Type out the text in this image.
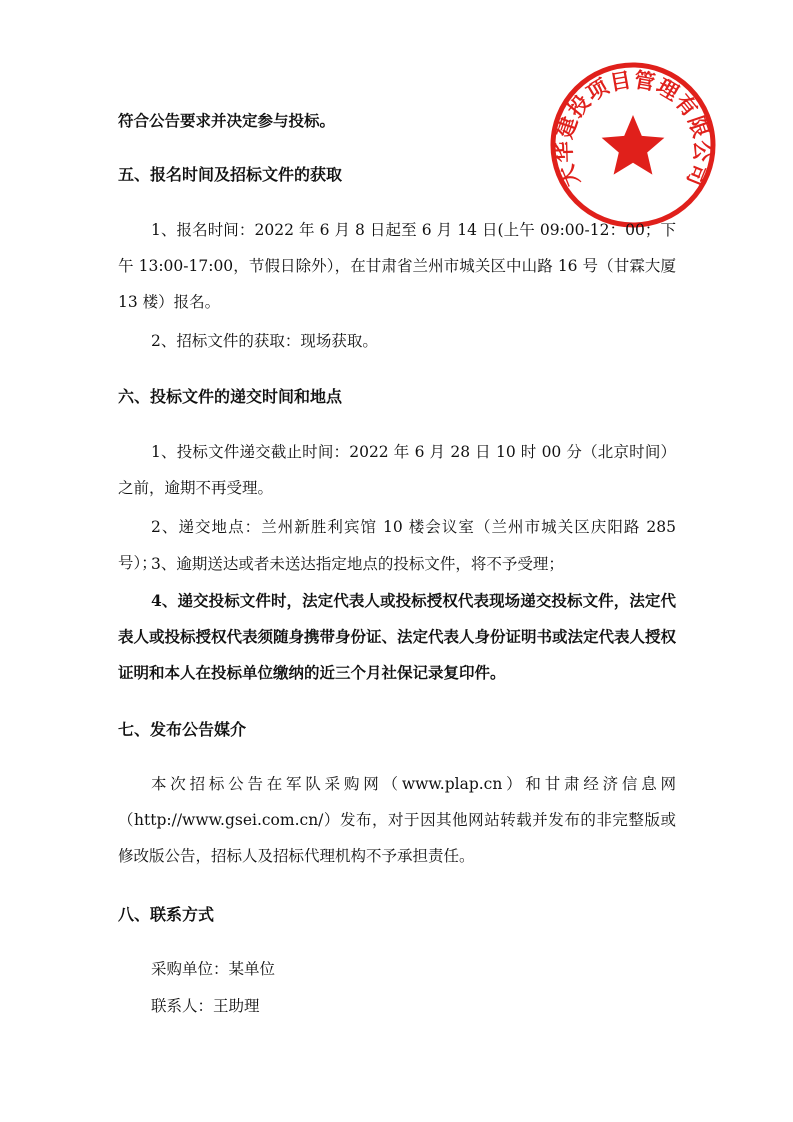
大华建投项目管理有限公司

符合公告要求并决定参与投标。

五、报名时间及招标文件的获取

1、报名时间：2022 年 6 月 8 日起至 6 月 14 日(上午 09:00-12：00；下午 13:00-17:00，节假日除外），在甘肃省兰州市城关区中山路 16 号（甘霖大厦 13 楼）报名。

2、招标文件的获取：现场获取。

六、投标文件的递交时间和地点

1、投标文件递交截止时间：2022 年 6 月 28 日 10 时 00 分（北京时间）之前，逾期不再受理。

2、递交地点：兰州新胜利宾馆 10 楼会议室（兰州市城关区庆阳路 285 号）；

3、逾期送达或者未送达指定地点的投标文件，将不予受理；

4、递交投标文件时，法定代表人或投标授权代表现场递交投标文件，法定代表人或投标授权代表须随身携带身份证、法定代表人身份证明书或法定代表人授权证明和本人在投标单位缴纳的近三个月社保记录复印件。

七、发布公告媒介

本次招标公告在军队采购网（www.plap.cn）和甘肃经济信息网（http://www.gsei.com.cn/）发布，对于因其他网站转载并发布的非完整版或修改版公告，招标人及招标代理机构不予承担责任。

八、联系方式

采购单位：某单位

联系人：王助理
